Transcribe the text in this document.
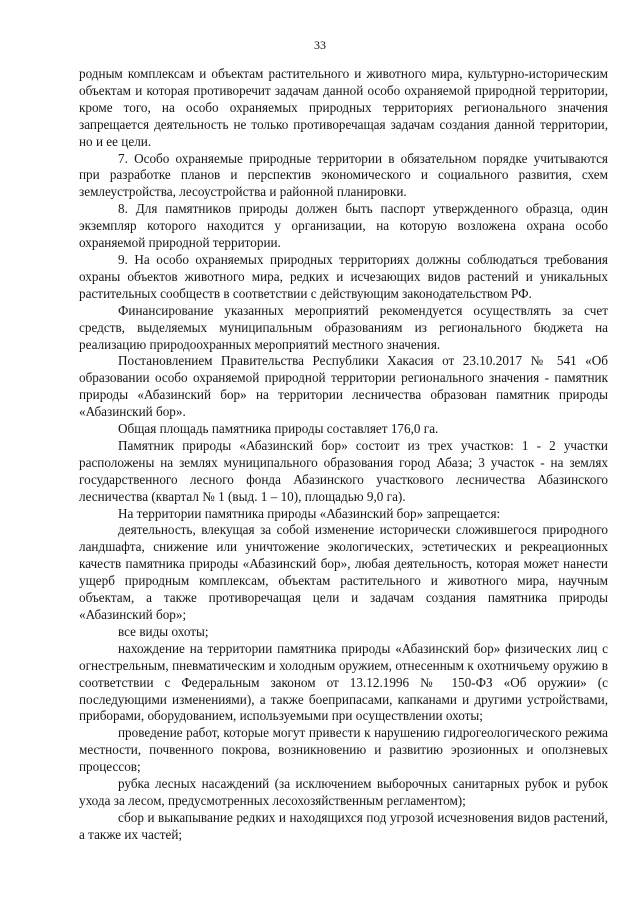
33

родным комплексам и объектам растительного и животного мира, культурно-историческим объектам и которая противоречит задачам данной особо охраняемой природной территории, кроме того, на особо охраняемых природных территориях регионального значения запрещается деятельность не только противоречащая задачам создания данной территории, но и ее цели.

7. Особо охраняемые природные территории в обязательном порядке учитываются при разработке планов и перспектив экономического и социального развития, схем землеустройства, лесоустройства и районной планировки.

8. Для памятников природы должен быть паспорт утвержденного образца, один экземпляр которого находится у организации, на которую возложена охрана особо охраняемой природной территории.

9. На особо охраняемых природных территориях должны соблюдаться требования охраны объектов животного мира, редких и исчезающих видов растений и уникальных растительных сообществ в соответствии с действующим законодательством РФ.

Финансирование указанных мероприятий рекомендуется осуществлять за счет средств, выделяемых муниципальным образованиям из регионального бюджета на реализацию природоохранных мероприятий местного значения.

Постановлением Правительства Республики Хакасия от 23.10.2017 № 541 «Об образовании особо охраняемой природной территории регионального значения - памятник природы «Абазинский бор» на территории лесничества образован памятник природы «Абазинский бор».

Общая площадь памятника природы составляет 176,0 га.

Памятник природы «Абазинский бор» состоит из трех участков: 1 - 2 участки расположены на землях муниципального образования город Абаза; 3 участок - на землях государственного лесного фонда Абазинского участкового лесничества Абазинского лесничества (квартал № 1 (выд. 1 – 10), площадью 9,0 га).

На территории памятника природы «Абазинский бор» запрещается:

деятельность, влекущая за собой изменение исторически сложившегося природного ландшафта, снижение или уничтожение экологических, эстетических и рекреационных качеств памятника природы «Абазинский бор», любая деятельность, которая может нанести ущерб природным комплексам, объектам растительного и животного мира, научным объектам, а также противоречащая цели и задачам создания памятника природы «Абазинский бор»;

все виды охоты;

нахождение на территории памятника природы «Абазинский бор» физических лиц с огнестрельным, пневматическим и холодным оружием, отнесенным к охотничьему оружию в соответствии с Федеральным законом от 13.12.1996 № 150-ФЗ «Об оружии» (с последующими изменениями), а также боеприпасами, капканами и другими устройствами, приборами, оборудованием, используемыми при осуществлении охоты;

проведение работ, которые могут привести к нарушению гидрогеологического режима местности, почвенного покрова, возникновению и развитию эрозионных и оползневых процессов;

рубка лесных насаждений (за исключением выборочных санитарных рубок и рубок ухода за лесом, предусмотренных лесохозяйственным регламентом);

сбор и выкапывание редких и находящихся под угрозой исчезновения видов растений, а также их частей;
